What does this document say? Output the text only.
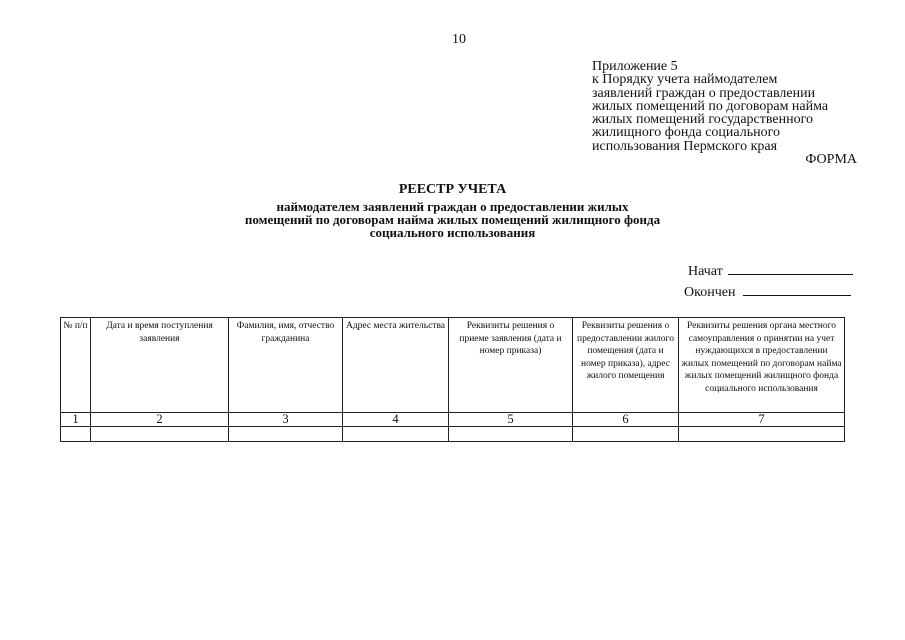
10
Приложение 5
к Порядку учета наймодателем
заявлений граждан о предоставлении
жилых помещений по договорам найма
жилых помещений государственного
жилищного фонда социального
использования Пермского края
ФОРМА
РЕЕСТР УЧЕТА
наймодателем заявлений граждан о предоставлении жилых
помещений по договорам найма жилых помещений жилищного фонда
социального использования
Начат
Окончен
№ п/п	Дата и время поступления заявления	Фамилия, имя, отчество гражданина	Адрес места жительства	Реквизиты решения о приеме заявления (дата и номер приказа)	Реквизиты решения о предоставлении жилого помещения (дата и номер приказа), адрес жилого помещения	Реквизиты решения органа местного самоуправления о принятии на учет нуждающихся в предоставлении жилых помещений по договорам найма жилых помещений жилищного фонда социального использования
1	2	3	4	5	6	7
